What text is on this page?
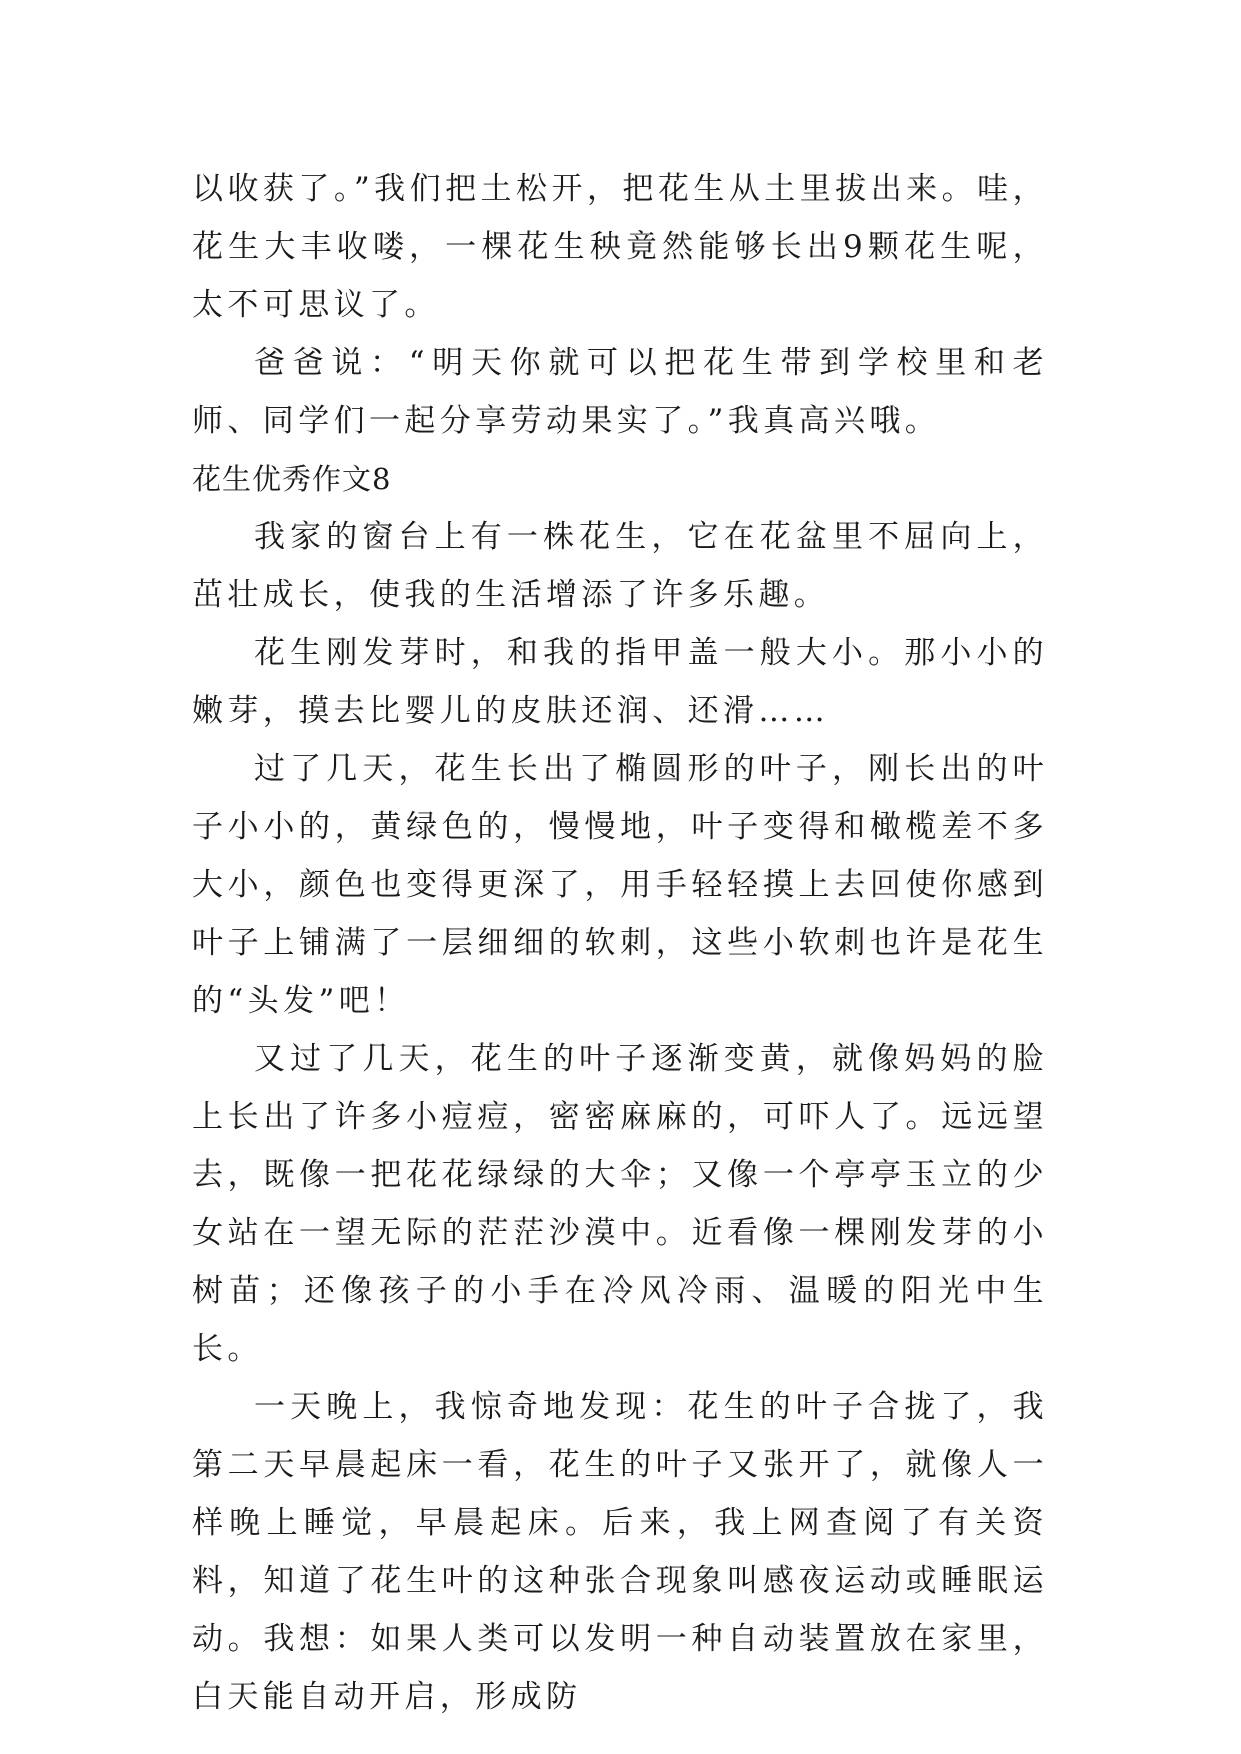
以收获了。”我们把土松开，把花生从土里拔出来。哇，花生大丰收喽，一棵花生秧竟然能够长出9颗花生呢，太不可思议了。

爸爸说：“明天你就可以把花生带到学校里和老师、同学们一起分享劳动果实了。”我真高兴哦。

花生优秀作文8

我家的窗台上有一株花生，它在花盆里不屈向上，茁壮成长，使我的生活增添了许多乐趣。

花生刚发芽时，和我的指甲盖一般大小。那小小的嫩芽，摸去比婴儿的皮肤还润、还滑……

过了几天，花生长出了椭圆形的叶子，刚长出的叶子小小的，黄绿色的，慢慢地，叶子变得和橄榄差不多大小，颜色也变得更深了，用手轻轻摸上去回使你感到叶子上铺满了一层细细的软刺，这些小软刺也许是花生的“头发”吧！

又过了几天，花生的叶子逐渐变黄，就像妈妈的脸上长出了许多小痘痘，密密麻麻的，可吓人了。远远望去，既像一把花花绿绿的大伞；又像一个亭亭玉立的少女站在一望无际的茫茫沙漠中。近看像一棵刚发芽的小树苗；还像孩子的小手在冷风冷雨、温暖的阳光中生长。

一天晚上，我惊奇地发现：花生的叶子合拢了，我第二天早晨起床一看，花生的叶子又张开了，就像人一样晚上睡觉，早晨起床。后来，我上网查阅了有关资料，知道了花生叶的这种张合现象叫感夜运动或睡眠运动。我想：如果人类可以发明一种自动装置放在家里，白天能自动开启，形成防
